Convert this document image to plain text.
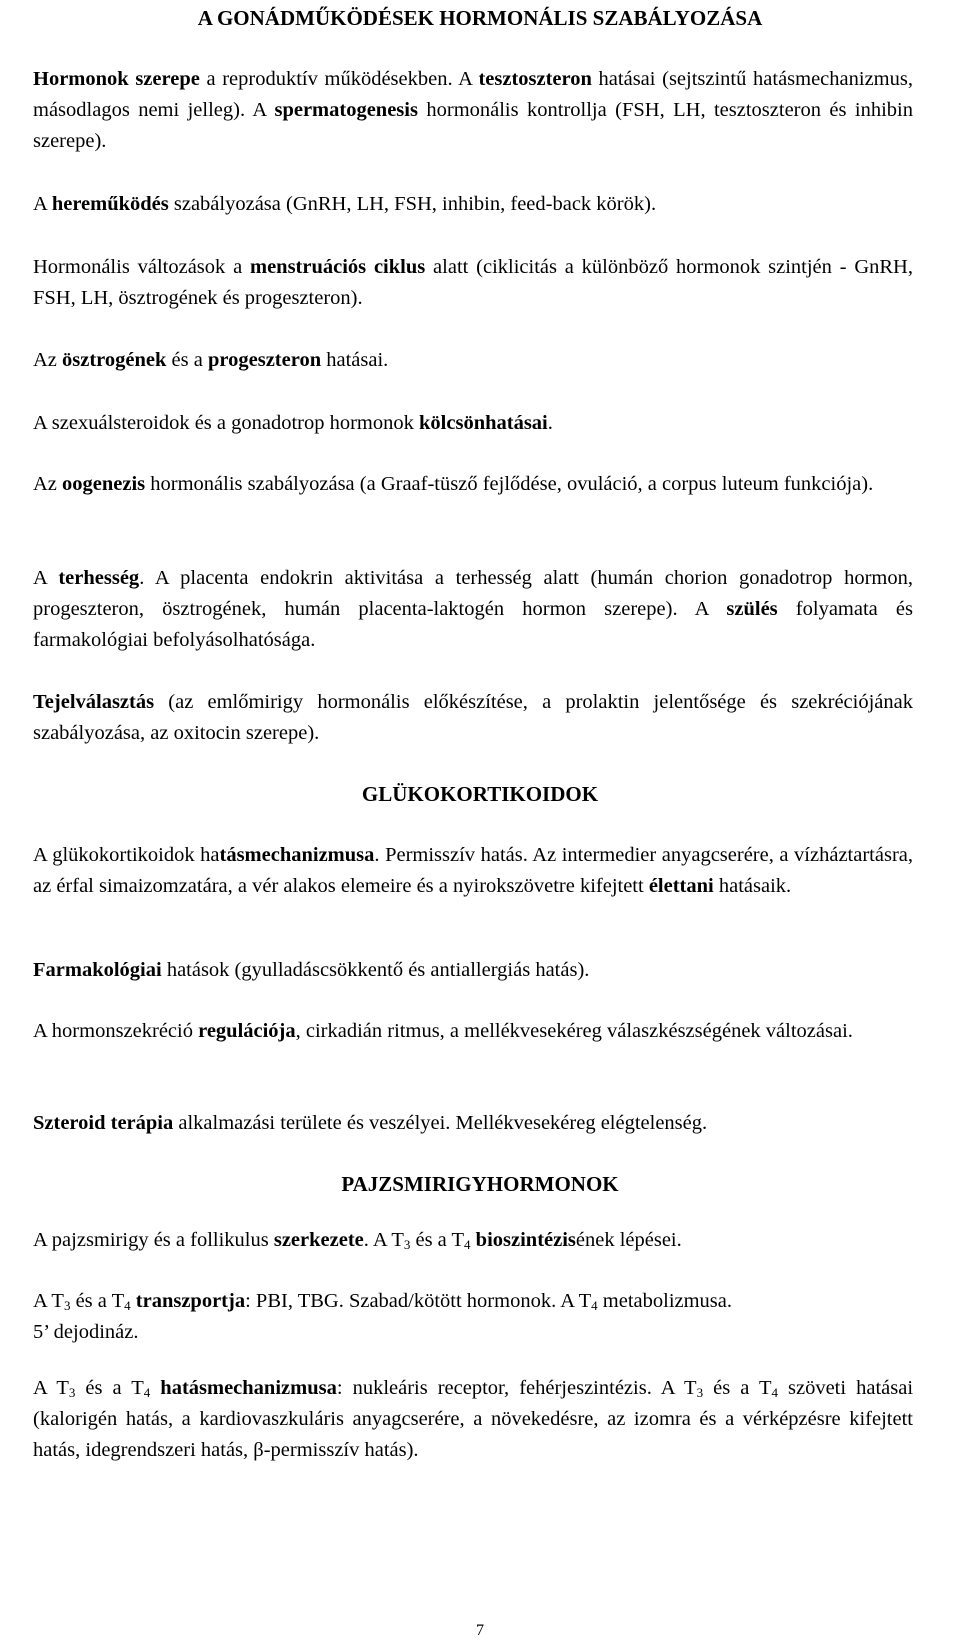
A GONÁDMŰKÖDÉSEK HORMONÁLIS SZABÁLYOZÁSA
Hormonok szerepe a reproduktív működésekben. A tesztoszteron hatásai (sejtszintű hatásmechanizmus, másodlagos nemi jelleg). A spermatogenesis hormonális kontrollja (FSH, LH, tesztoszteron és inhibin szerepe).
A hereműködés szabályozása (GnRH, LH, FSH, inhibin, feed-back körök).
Hormonális változások a menstruációs ciklus alatt (ciklicitás a különböző hormonok szintjén - GnRH, FSH, LH, ösztrogének és progeszteron).
Az ösztrogének és a progeszteron hatásai.
A szexuálsteroidok és a gonadotrop hormonok kölcsönhatásai.
Az oogenezis hormonális szabályozása (a Graaf-tüsző fejlődése, ovuláció, a corpus luteum funkciója).
A terhesség. A placenta endokrin aktivitása a terhesség alatt (humán chorion gonadotrop hormon, progeszteron, ösztrogének, humán placenta-laktogén hormon szerepe). A szülés folyamata és farmakológiai befolyásolhatósága.
Tejelválasztás (az emlőmirigy hormonális előkészítése, a prolaktin jelentősége és szekréciójának szabályozása, az oxitocin szerepe).
GLÜKOKORTIKOIDOK
A glükokortikoidok hatásmechanizmusa. Permisszív hatás. Az intermedier anyagcserére, a vízháztartásra, az érfal simaizomzatára, a vér alakos elemeire és a nyirokszövetre kifejtett élettani hatásaik.
Farmakológiai hatások (gyulladáscsökkentő és antiallergiás hatás).
A hormonszekréció regulációja, cirkadián ritmus, a mellékvesekéreg válaszkészségének változásai.
Szteroid terápia alkalmazási területe és veszélyei. Mellékvesekéreg elégtelenség.
PAJZSMIRIGYHORMONOK
A pajzsmirigy és a follikulus szerkezete. A $T_3$ és a $T_4$ bioszintézisének lépései.
A $T_3$ és a $T_4$ transzportja: PBI, TBG. Szabad/kötött hormonok. A $T_4$ metabolizmusa.
5’ dejodináz.
A $T_3$ és a $T_4$ hatásmechanizmusa: nukleáris receptor, fehérjeszintézis. A $T_3$ és a $T_4$ szöveti hatásai (kalorigén hatás, a kardiovaszkuláris anyagcserére, a növekedésre, az izomra és a vérképzésre kifejtett hatás, idegrendszeri hatás, β-permisszív hatás).
7
